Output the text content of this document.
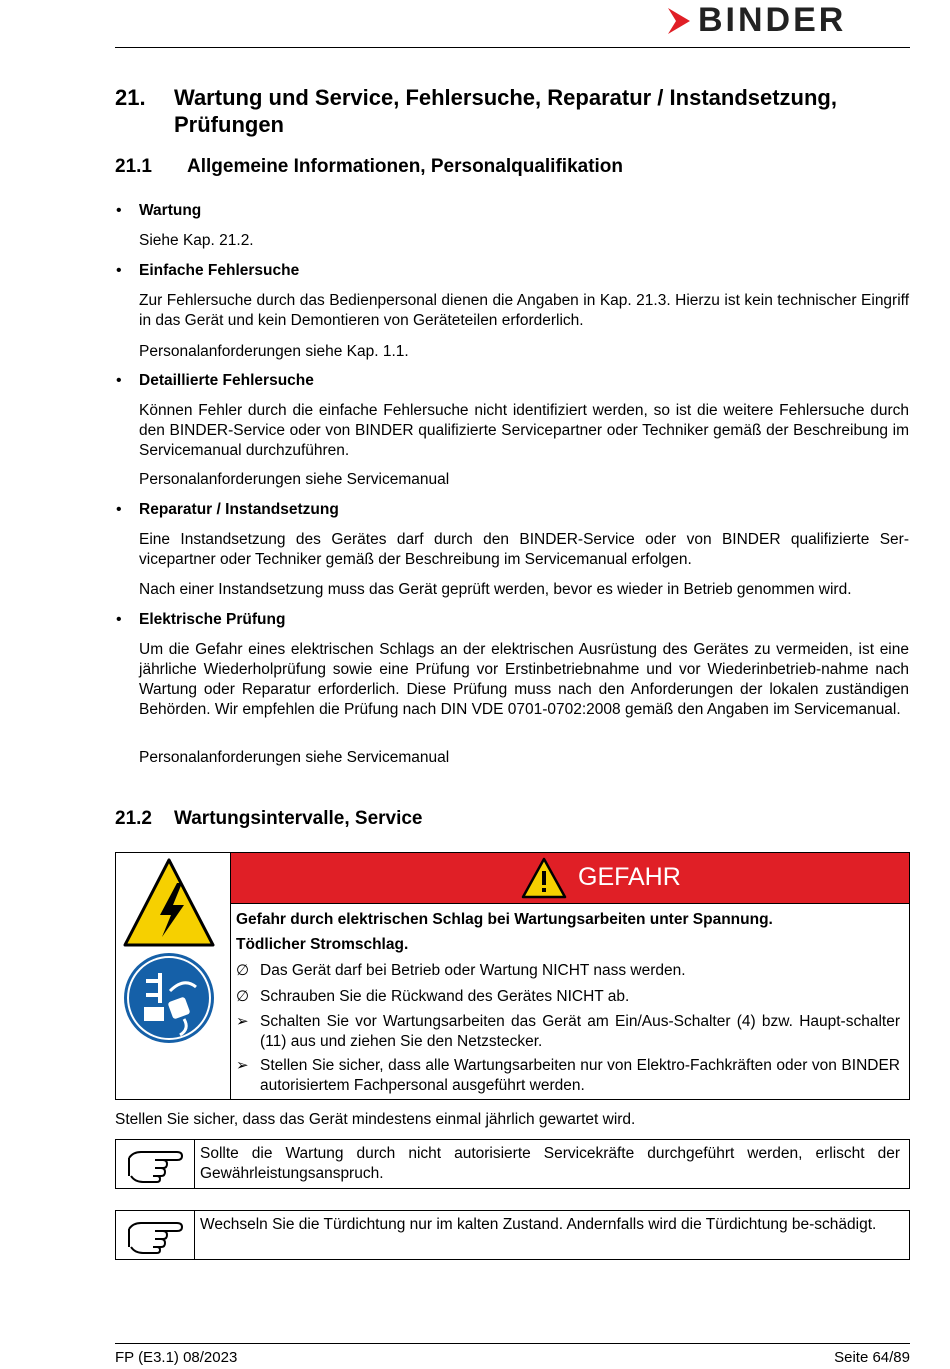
BINDER
21. Wartung und Service, Fehlersuche, Reparatur / Instandsetzung, Prüfungen
21.1 Allgemeine Informationen, Personalqualifikation
• Wartung
Siehe Kap. 21.2.
• Einfache Fehlersuche
Zur Fehlersuche durch das Bedienpersonal dienen die Angaben in Kap. 21.3. Hierzu ist kein technischer Eingriff in das Gerät und kein Demontieren von Geräteteilen erforderlich.
Personalanforderungen siehe Kap. 1.1.
• Detaillierte Fehlersuche
Können Fehler durch die einfache Fehlersuche nicht identifiziert werden, so ist die weitere Fehlersuche durch den BINDER-Service oder von BINDER qualifizierte Servicepartner oder Techniker gemäß der Beschreibung im Servicemanual durchzuführen.
Personalanforderungen siehe Servicemanual
• Reparatur / Instandsetzung
Eine Instandsetzung des Gerätes darf durch den BINDER-Service oder von BINDER qualifizierte Ser-vicepartner oder Techniker gemäß der Beschreibung im Servicemanual erfolgen.
Nach einer Instandsetzung muss das Gerät geprüft werden, bevor es wieder in Betrieb genommen wird.
• Elektrische Prüfung
Um die Gefahr eines elektrischen Schlags an der elektrischen Ausrüstung des Gerätes zu vermeiden, ist eine jährliche Wiederholprüfung sowie eine Prüfung vor Erstinbetriebnahme und vor Wiederinbetrieb-nahme nach Wartung oder Reparatur erforderlich. Diese Prüfung muss nach den Anforderungen der lokalen zuständigen Behörden. Wir empfehlen die Prüfung nach DIN VDE 0701-0702:2008 gemäß den Angaben im Servicemanual.
Personalanforderungen siehe Servicemanual
21.2 Wartungsintervalle, Service
GEFAHR
Gefahr durch elektrischen Schlag bei Wartungsarbeiten unter Spannung.
Tödlicher Stromschlag.
∅ Das Gerät darf bei Betrieb oder Wartung NICHT nass werden.
∅ Schrauben Sie die Rückwand des Gerätes NICHT ab.
➢ Schalten Sie vor Wartungsarbeiten das Gerät am Ein/Aus-Schalter (4) bzw. Haupt-schalter (11) aus und ziehen Sie den Netzstecker.
➢ Stellen Sie sicher, dass alle Wartungsarbeiten nur von Elektro-Fachkräften oder von BINDER autorisiertem Fachpersonal ausgeführt werden.
Stellen Sie sicher, dass das Gerät mindestens einmal jährlich gewartet wird.
Sollte die Wartung durch nicht autorisierte Servicekräfte durchgeführt werden, erlischt der Gewährleistungsanspruch.
Wechseln Sie die Türdichtung nur im kalten Zustand. Andernfalls wird die Türdichtung be-schädigt.
FP (E3.1) 08/2023	Seite 64/89
